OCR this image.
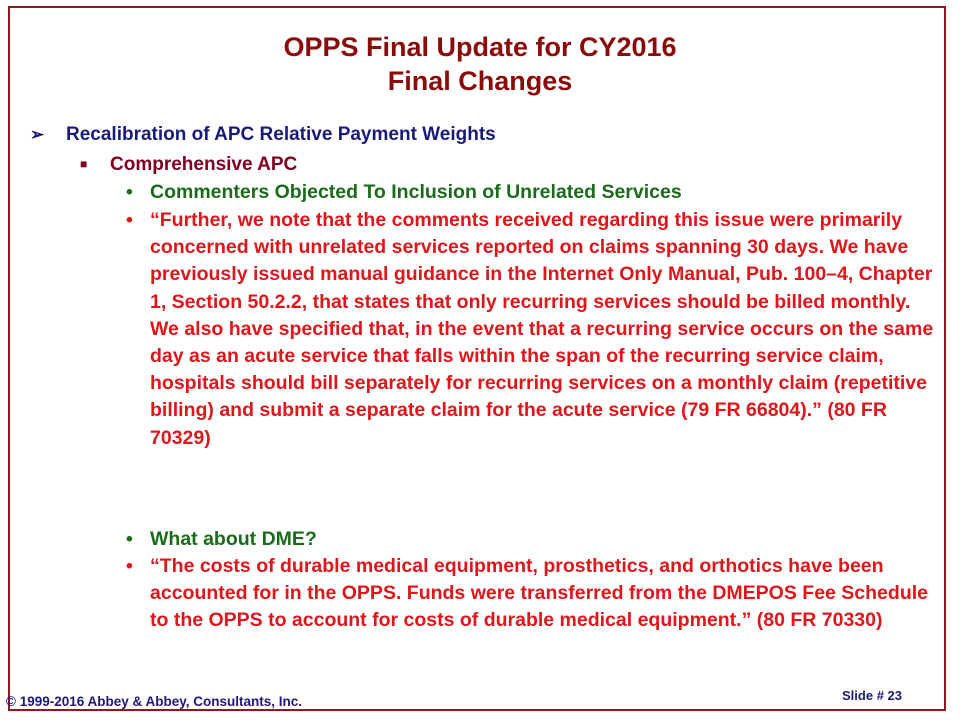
OPPS Final Update for CY2016
Final Changes
➢ Recalibration of APC Relative Payment Weights
■ Comprehensive APC
• Commenters Objected To Inclusion of Unrelated Services
• “Further, we note that the comments received regarding this issue were primarily concerned with unrelated services reported on claims spanning 30 days. We have previously issued manual guidance in the Internet Only Manual, Pub. 100–4, Chapter 1, Section 50.2.2, that states that only recurring services should be billed monthly. We also have specified that, in the event that a recurring service occurs on the same day as an acute service that falls within the span of the recurring service claim, hospitals should bill separately for recurring services on a monthly claim (repetitive billing) and submit a separate claim for the acute service (79 FR 66804).” (80 FR 70329)
• What about DME?
• “The costs of durable medical equipment, prosthetics, and orthotics have been accounted for in the OPPS. Funds were transferred from the DMEPOS Fee Schedule to the OPPS to account for costs of durable medical equipment.” (80 FR 70330)
© 1999-2016 Abbey & Abbey, Consultants, Inc.	Slide # 23
